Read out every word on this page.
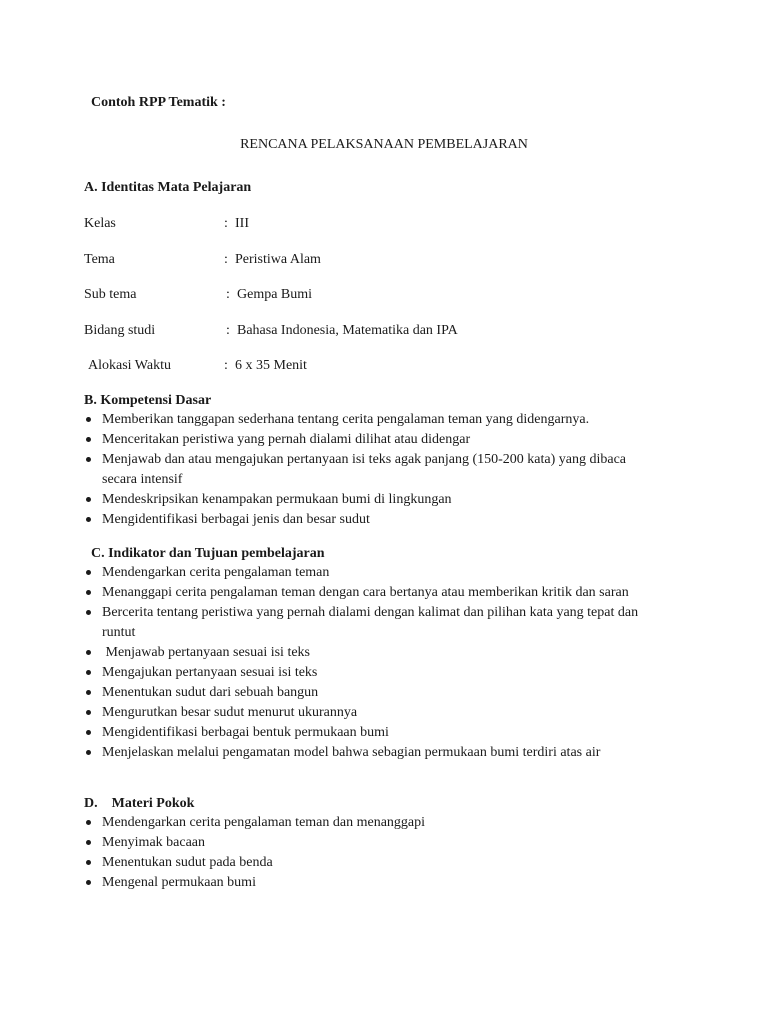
Contoh RPP Tematik :
RENCANA PELAKSANAAN PEMBELAJARAN
A. Identitas Mata Pelajaran
Kelas	: III
Tema	: Peristiwa Alam
Sub tema	: Gempa Bumi
Bidang studi	: Bahasa Indonesia, Matematika dan IPA
Alokasi Waktu	: 6 x 35 Menit
B. Kompetensi Dasar
Memberikan tanggapan sederhana tentang cerita pengalaman teman yang didengarnya.
Menceritakan peristiwa yang pernah dialami dilihat atau didengar
Menjawab dan atau mengajukan pertanyaan isi teks agak panjang (150-200 kata) yang dibaca secara intensif
Mendeskripsikan kenampakan permukaan bumi di lingkungan
Mengidentifikasi berbagai jenis dan besar sudut
C. Indikator dan Tujuan pembelajaran
Mendengarkan cerita pengalaman teman
Menanggapi cerita pengalaman teman dengan cara bertanya atau memberikan kritik dan saran
Bercerita tentang peristiwa yang pernah dialami dengan kalimat dan pilihan kata yang tepat dan runtut
Menjawab pertanyaan sesuai isi teks
Mengajukan pertanyaan sesuai isi teks
Menentukan sudut dari sebuah bangun
Mengurutkan besar sudut menurut ukurannya
Mengidentifikasi berbagai bentuk permukaan bumi
Menjelaskan melalui pengamatan model bahwa sebagian permukaan bumi terdiri atas air
D.    Materi Pokok
Mendengarkan cerita pengalaman teman dan menanggapi
Menyimak bacaan
Menentukan sudut pada benda
Mengenal permukaan bumi
